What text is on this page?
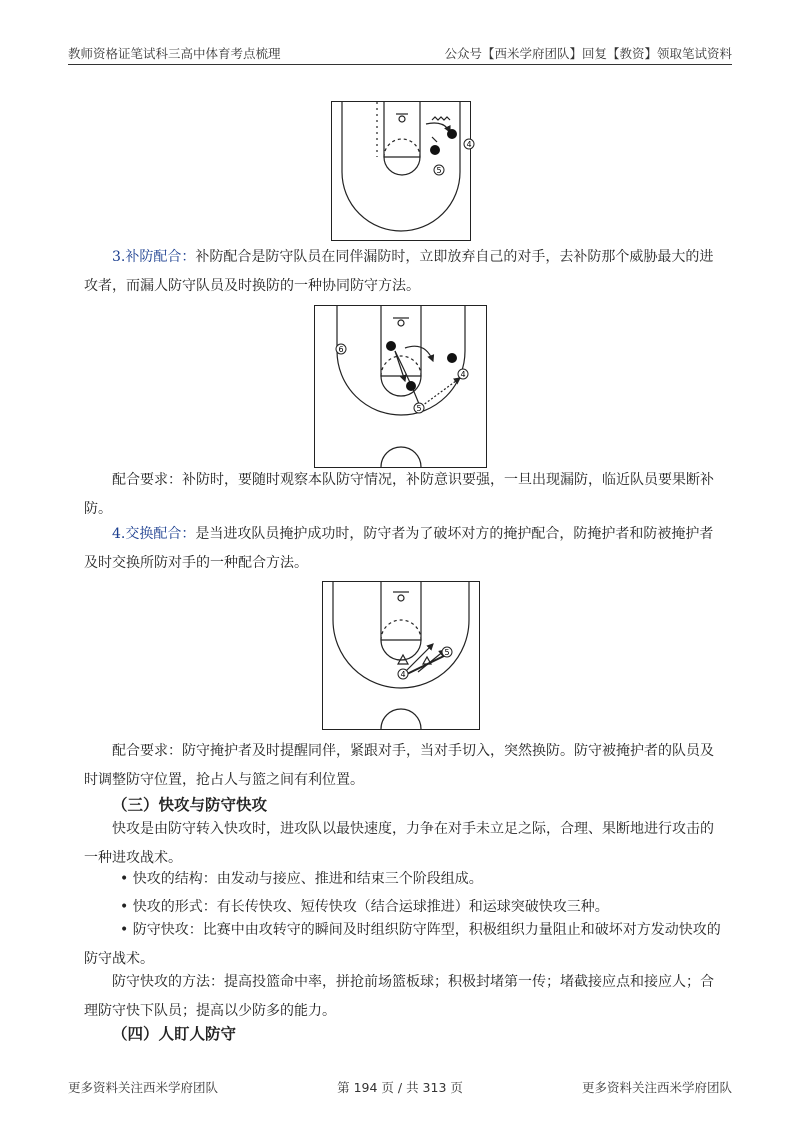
教师资格证笔试科三高中体育考点梳理	公众号【西米学府团队】回复【教资】领取笔试资料
4
5

3.补防配合：补防配合是防守队员在同伴漏防时，立即放弃自己的对手，去补防那个威胁最大的进攻者，而漏人防守队员及时换防的一种协同防守方法。

6
4
5

配合要求：补防时，要随时观察本队防守情况，补防意识要强，一旦出现漏防，临近队员要果断补防。

4.交换配合：是当进攻队员掩护成功时，防守者为了破坏对方的掩护配合，防掩护者和防被掩护者及时交换所防对手的一种配合方法。

5
4

配合要求：防守掩护者及时提醒同伴，紧跟对手，当对手切入，突然换防。防守被掩护者的队员及时调整防守位置，抢占人与篮之间有利位置。

（三）快攻与防守快攻

快攻是由防守转入快攻时，进攻队以最快速度，力争在对手未立足之际，合理、果断地进行攻击的一种进攻战术。

• 快攻的结构：由发动与接应、推进和结束三个阶段组成。

• 快攻的形式：有长传快攻、短传快攻（结合运球推进）和运球突破快攻三种。

• 防守快攻：比赛中由攻转守的瞬间及时组织防守阵型，积极组织力量阻止和破坏对方发动快攻的防守战术。

防守快攻的方法：提高投篮命中率，拼抢前场篮板球；积极封堵第一传；堵截接应点和接应人；合理防守快下队员；提高以少防多的能力。

（四）人盯人防守
更多资料关注西米学府团队	第 194 页 / 共 313 页	更多资料关注西米学府团队
